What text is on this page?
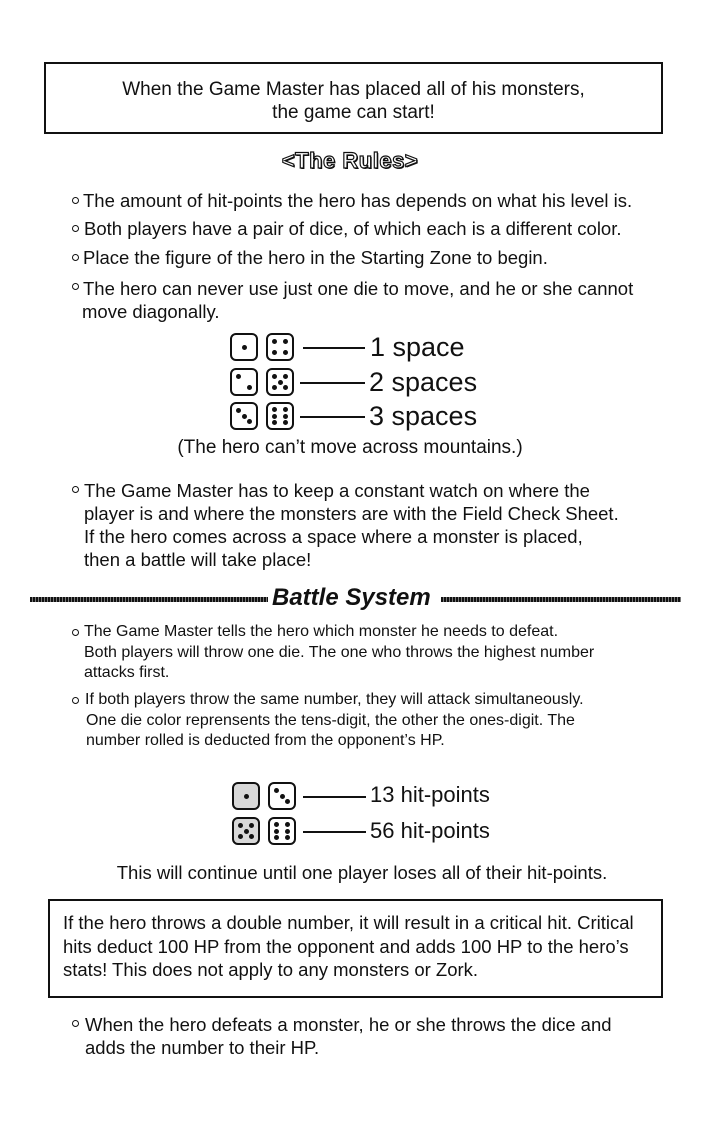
When the Game Master has placed all of his monsters,
the game can start!
<The Rules>
The amount of hit-points the hero has depends on what his level is.
Both players have a pair of dice, of which each is a different color.
Place the figure of the hero in the Starting Zone to begin.
The hero can never use just one die to move, and he or she cannot
move diagonally.
1 space
2 spaces
3 spaces
(The hero can’t move across mountains.)
The Game Master has to keep a constant watch on where the
player is and where the monsters are with the Field Check Sheet.
If the hero comes across a space where a monster is placed,
then a battle will take place!
Battle System
The Game Master tells the hero which monster he needs to defeat.
Both players will throw one die. The one who throws the highest number
attacks first.
If both players throw the same number, they will attack simultaneously.
One die color reprensents the tens-digit, the other the ones-digit. The
number rolled is deducted from the opponent’s HP.
13 hit-points
56 hit-points
This will continue until one player loses all of their hit-points.
If the hero throws a double number, it will result in a critical hit. Critical
hits deduct 100 HP from the opponent and adds 100 HP to the hero’s
stats! This does not apply to any monsters or Zork.
When the hero defeats a monster, he or she throws the dice and
adds the number to their HP.
